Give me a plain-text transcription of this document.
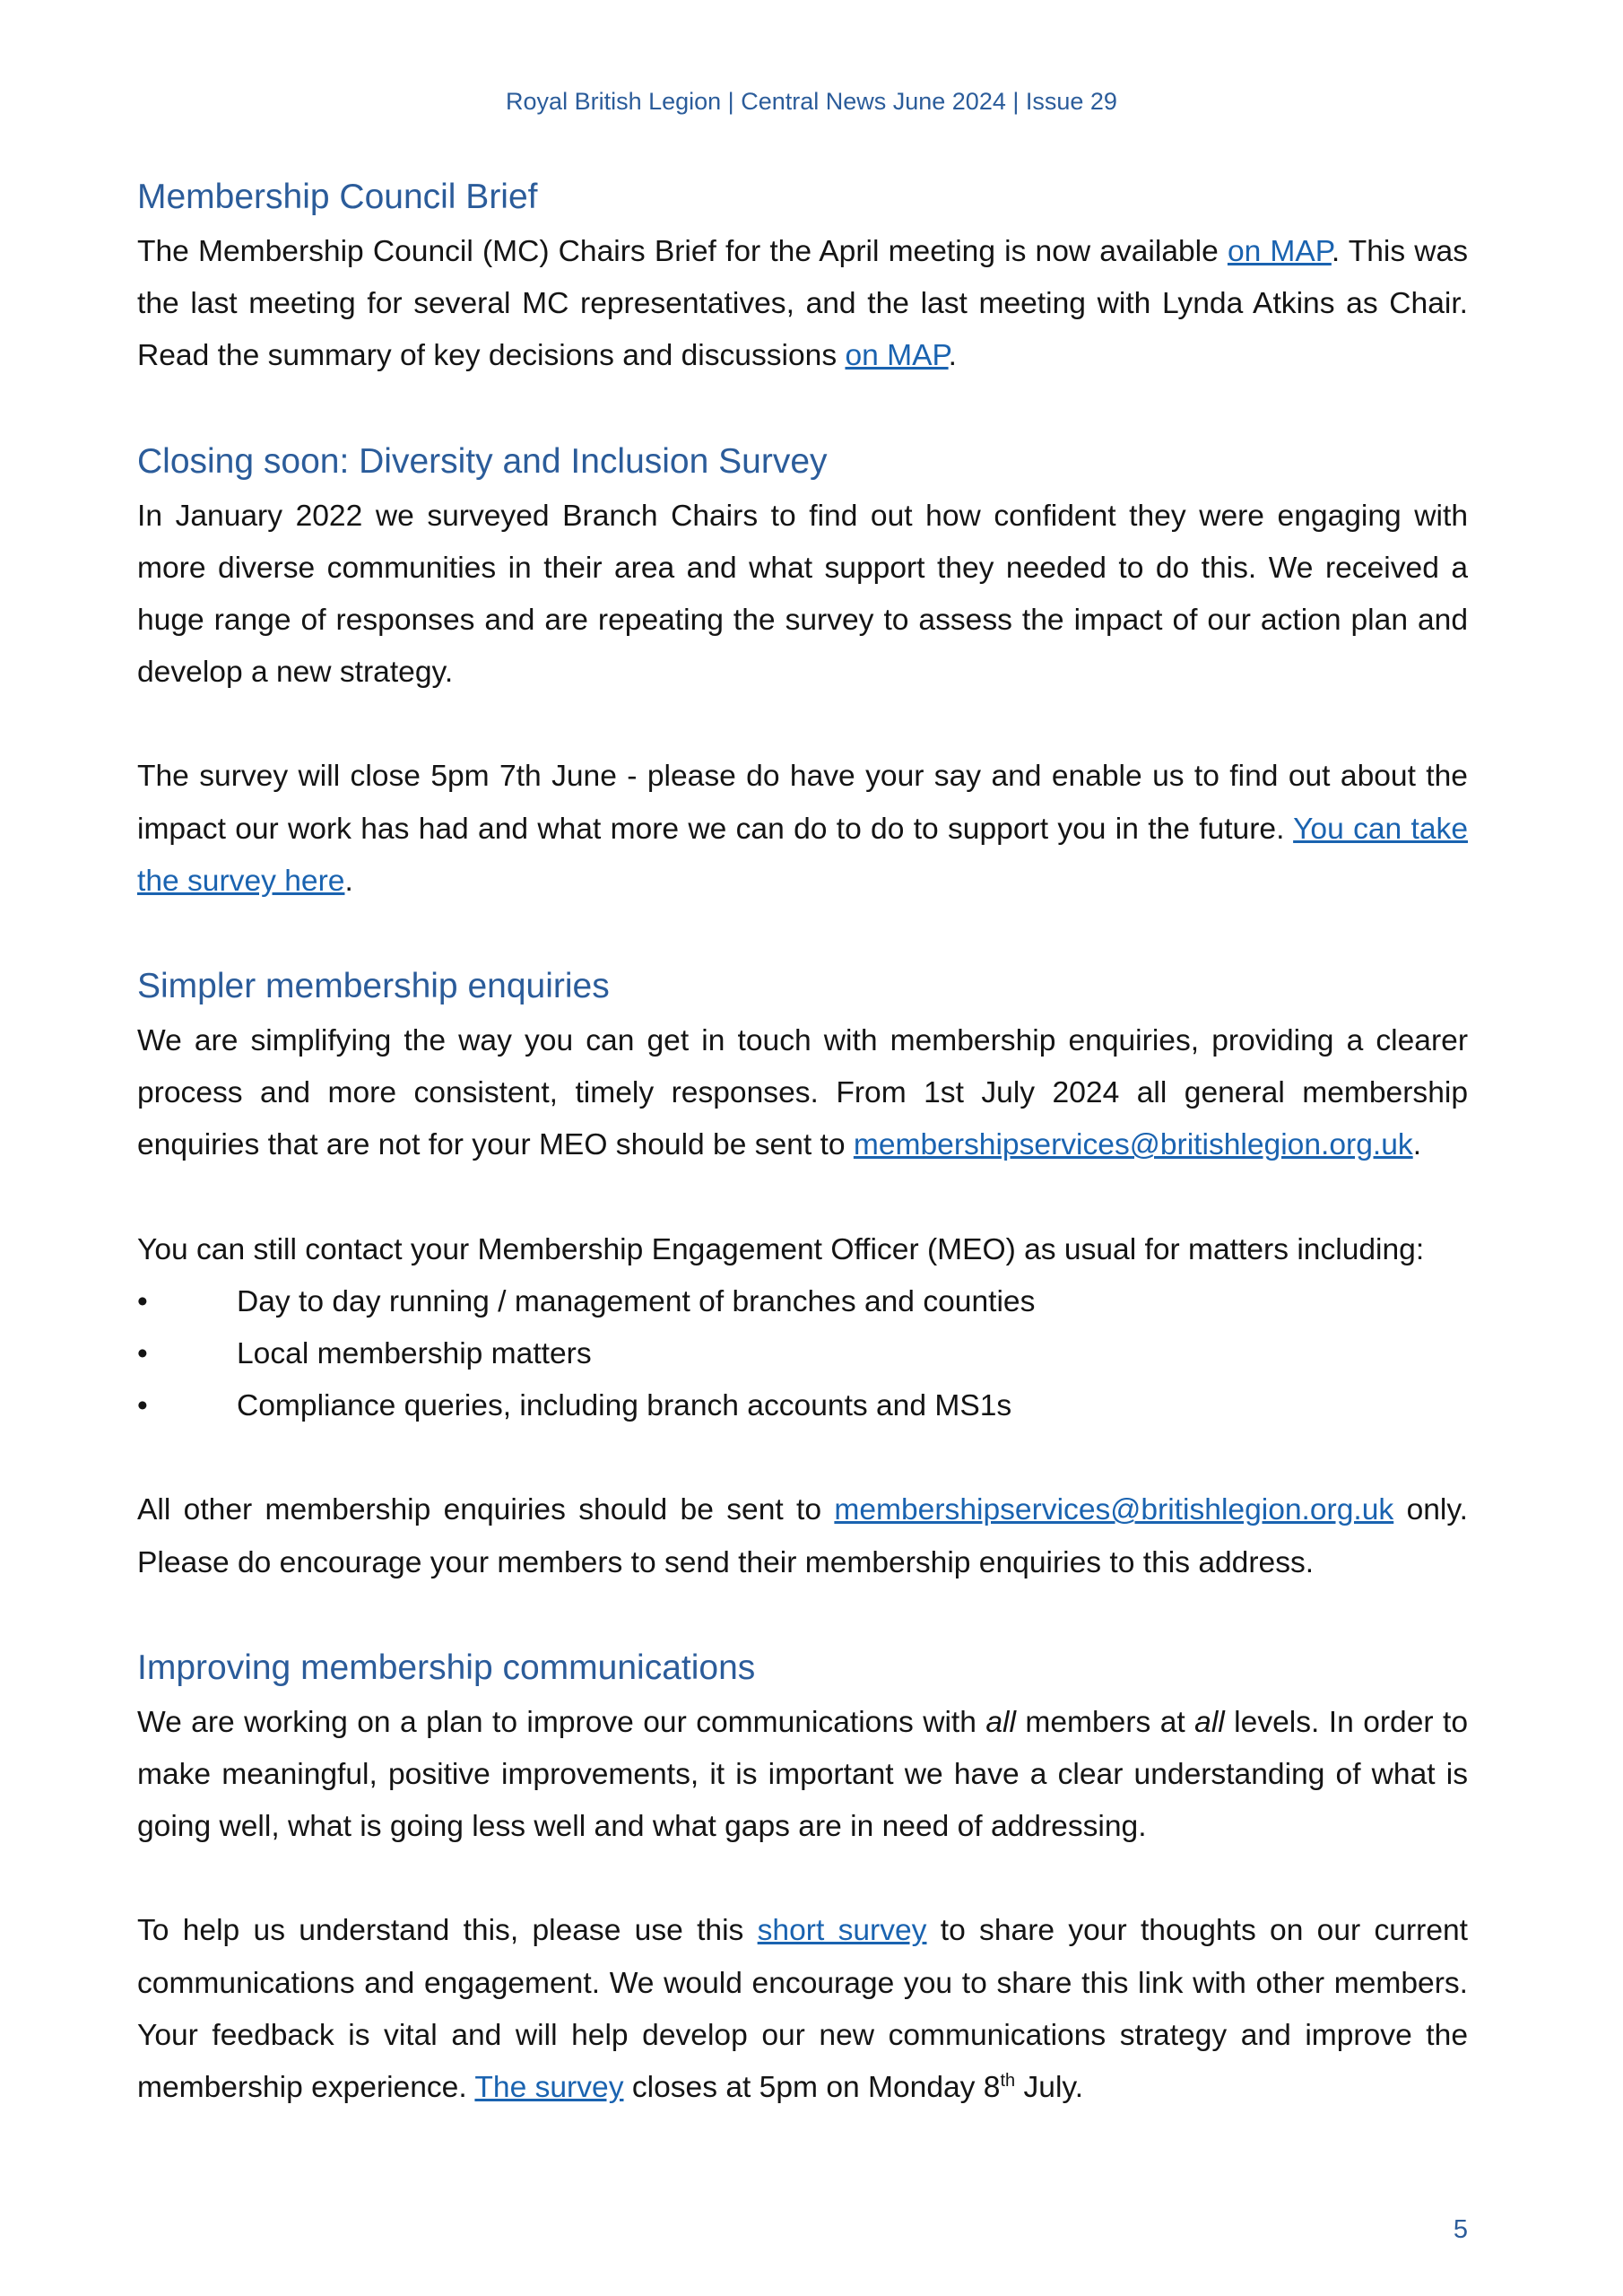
Royal British Legion | Central News June 2024 | Issue 29
Membership Council Brief

The Membership Council (MC) Chairs Brief for the April meeting is now available on MAP. This was the last meeting for several MC representatives, and the last meeting with Lynda Atkins as Chair. Read the summary of key decisions and discussions on MAP.

Closing soon: Diversity and Inclusion Survey

In January 2022 we surveyed Branch Chairs to find out how confident they were engaging with more diverse communities in their area and what support they needed to do this. We received a huge range of responses and are repeating the survey to assess the impact of our action plan and develop a new strategy.

The survey will close 5pm 7th June - please do have your say and enable us to find out about the impact our work has had and what more we can do to do to support you in the future. You can take the survey here.

Simpler membership enquiries

We are simplifying the way you can get in touch with membership enquiries, providing a clearer process and more consistent, timely responses. From 1st July 2024 all general membership enquiries that are not for your MEO should be sent to membershipservices@britishlegion.org.uk.

You can still contact your Membership Engagement Officer (MEO) as usual for matters including:

•	Day to day running / management of branches and counties
•	Local membership matters
•	Compliance queries, including branch accounts and MS1s

All other membership enquiries should be sent to membershipservices@britishlegion.org.uk only. Please do encourage your members to send their membership enquiries to this address.

Improving membership communications

We are working on a plan to improve our communications with all members at all levels. In order to make meaningful, positive improvements, it is important we have a clear understanding of what is going well, what is going less well and what gaps are in need of addressing.

To help us understand this, please use this short survey to share your thoughts on our current communications and engagement. We would encourage you to share this link with other members. Your feedback is vital and will help develop our new communications strategy and improve the membership experience. The survey closes at 5pm on Monday 8th July.

5
